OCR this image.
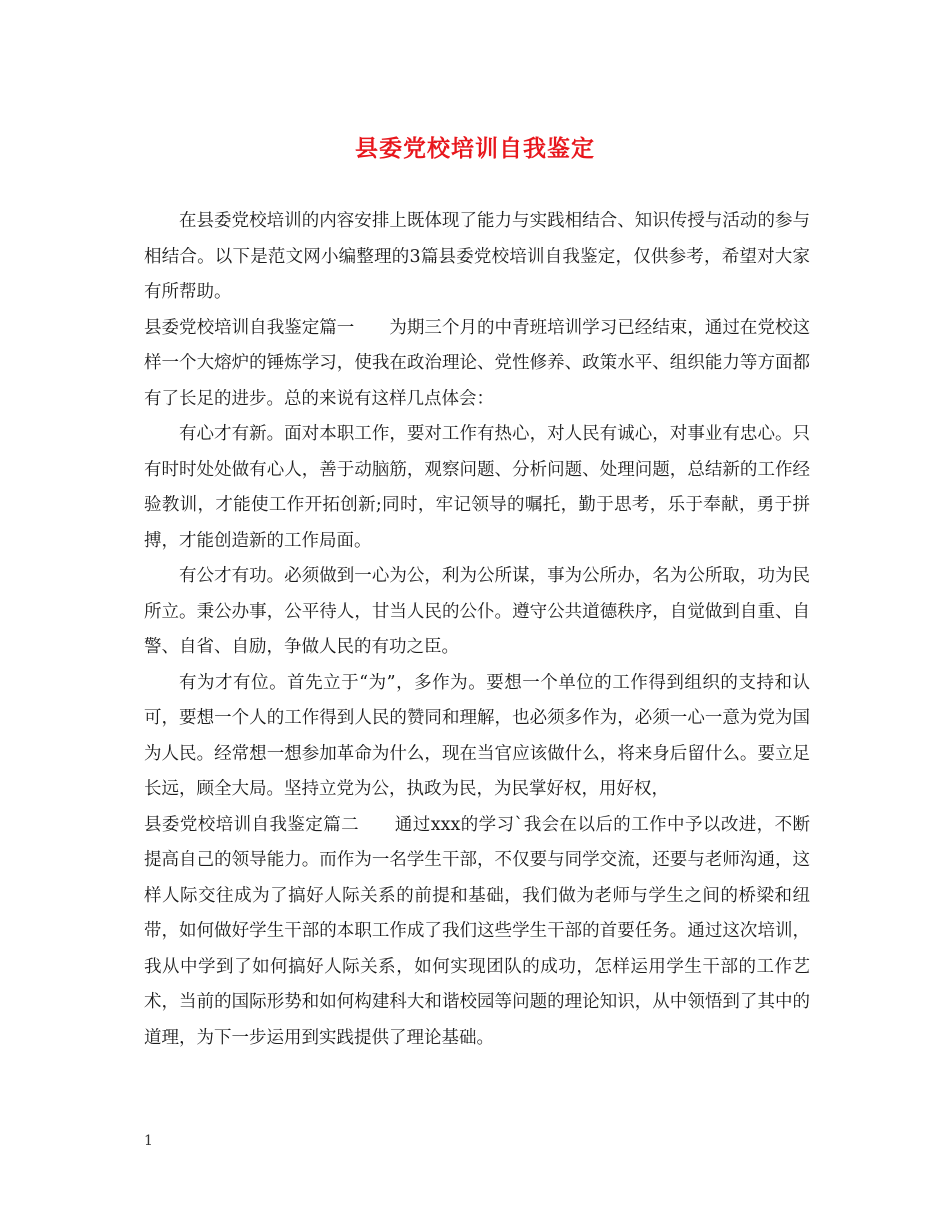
县委党校培训自我鉴定

在县委党校培训的内容安排上既体现了能力与实践相结合、知识传授与活动的参与相结合。以下是范文网小编整理的3篇县委党校培训自我鉴定，仅供参考，希望对大家有所帮助。

县委党校培训自我鉴定篇一　　为期三个月的中青班培训学习已经结束，通过在党校这样一个大熔炉的锤炼学习，使我在政治理论、党性修养、政策水平、组织能力等方面都有了长足的进步。总的来说有这样几点体会：

有心才有新。面对本职工作，要对工作有热心，对人民有诚心，对事业有忠心。只有时时处处做有心人，善于动脑筋，观察问题、分析问题、处理问题，总结新的工作经验教训，才能使工作开拓创新;同时，牢记领导的嘱托，勤于思考，乐于奉献，勇于拼搏，才能创造新的工作局面。

有公才有功。必须做到一心为公，利为公所谋，事为公所办，名为公所取，功为民所立。秉公办事，公平待人，甘当人民的公仆。遵守公共道德秩序，自觉做到自重、自警、自省、自励，争做人民的有功之臣。

有为才有位。首先立于“为”，多作为。要想一个单位的工作得到组织的支持和认可，要想一个人的工作得到人民的赞同和理解，也必须多作为，必须一心一意为党为国为人民。经常想一想参加革命为什么，现在当官应该做什么，将来身后留什么。要立足长远，顾全大局。坚持立党为公，执政为民，为民掌好权，用好权，

县委党校培训自我鉴定篇二　　通过xxx的学习`我会在以后的工作中予以改进，不断提高自己的领导能力。而作为一名学生干部，不仅要与同学交流，还要与老师沟通，这样人际交往成为了搞好人际关系的前提和基础，我们做为老师与学生之间的桥梁和纽带，如何做好学生干部的本职工作成了我们这些学生干部的首要任务。通过这次培训，我从中学到了如何搞好人际关系，如何实现团队的成功，怎样运用学生干部的工作艺术，当前的国际形势和如何构建科大和谐校园等问题的理论知识，从中领悟到了其中的道理，为下一步运用到实践提供了理论基础。

1
